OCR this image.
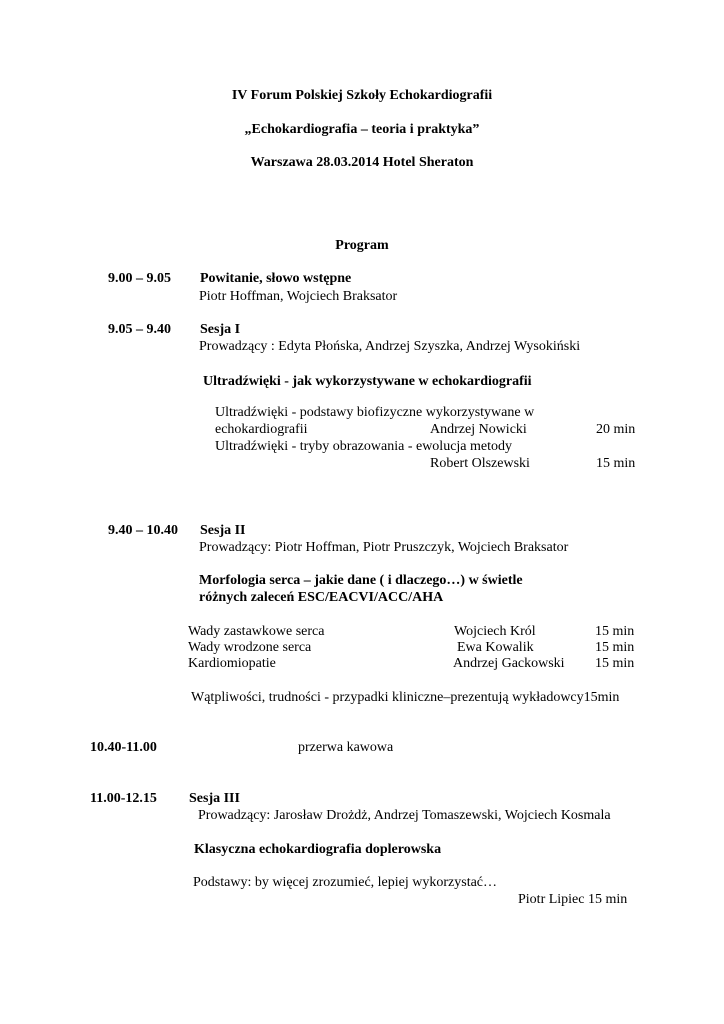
IV Forum Polskiej Szkoły Echokardiografii
„Echokardiografia – teoria i praktyka”
Warszawa 28.03.2014 Hotel Sheraton
Program
9.00 – 9.05 Powitanie, słowo wstępne
Piotr Hoffman, Wojciech Braksator
9.05 – 9.40 Sesja I
Prowadzący : Edyta Płońska, Andrzej Szyszka, Andrzej Wysokiński
Ultradźwięki - jak wykorzystywane w echokardiografii
Ultradźwięki - podstawy biofizyczne wykorzystywane w
echokardiografii	Andrzej Nowicki	20 min
Ultradźwięki - tryby obrazowania - ewolucja metody
Robert Olszewski	15 min
9.40 – 10.40 Sesja II
Prowadzący: Piotr Hoffman, Piotr Pruszczyk, Wojciech Braksator
Morfologia serca – jakie dane ( i dlaczego…) w świetle
różnych zaleceń ESC/EACVI/ACC/AHA
Wady zastawkowe serca	Wojciech Król	15 min
Wady wrodzone serca	Ewa Kowalik	15 min
Kardiomiopatie	Andrzej Gackowski 15 min
Wątpliwości, trudności - przypadki kliniczne–prezentują wykładowcy15min
10.40-11.00	przerwa kawowa
11.00-12.15 Sesja III
Prowadzący: Jarosław Drożdż, Andrzej Tomaszewski, Wojciech Kosmala
Klasyczna echokardiografia doplerowska
Podstawy: by więcej zrozumieć, lepiej wykorzystać…
Piotr Lipiec 15 min
